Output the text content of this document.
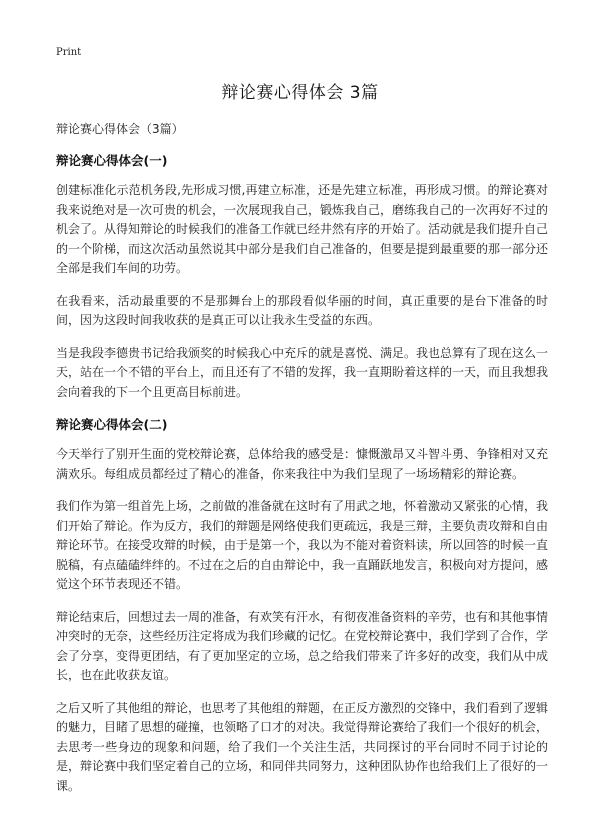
Print
辩论赛心得体会 3篇

辩论赛心得体会（3篇）

辩论赛心得体会(一)

创建标准化示范机务段,先形成习惯,再建立标准，还是先建立标准，再形成习惯。的辩论赛对我来说绝对是一次可贵的机会，一次展现我自己，锻炼我自己，磨练我自己的一次再好不过的机会了。从得知辩论的时候我们的准备工作就已经井然有序的开始了。活动就是我们提升自己的一个阶梯，而这次活动虽然说其中部分是我们自己准备的，但要是提到最重要的那一部分还全部是我们车间的功劳。

在我看来，活动最重要的不是那舞台上的那段看似华丽的时间，真正重要的是台下准备的时间，因为这段时间我收获的是真正可以让我永生受益的东西。

当是我段李德贵书记给我颁奖的时候我心中充斥的就是喜悦、满足。我也总算有了现在这么一天，站在一个不错的平台上，而且还有了不错的发挥，我一直期盼着这样的一天，而且我想我会向着我的下一个且更高目标前进。

辩论赛心得体会(二)

今天举行了别开生面的党校辩论赛，总体给我的感受是：慷慨激昂又斗智斗勇、争锋相对又充满欢乐。每组成员都经过了精心的准备，你来我往中为我们呈现了一场场精彩的辩论赛。

我们作为第一组首先上场，之前做的准备就在这时有了用武之地，怀着激动又紧张的心情，我们开始了辩论。作为反方，我们的辩题是网络使我们更疏远，我是三辩，主要负责攻辩和自由辩论环节。在接受攻辩的时候，由于是第一个，我以为不能对着资料读，所以回答的时候一直脱稿，有点磕磕绊绊的。不过在之后的自由辩论中，我一直踊跃地发言，积极向对方提问，感觉这个环节表现还不错。

辩论结束后，回想过去一周的准备，有欢笑有汗水，有彻夜准备资料的辛劳，也有和其他事情冲突时的无奈，这些经历注定将成为我们珍藏的记忆。在党校辩论赛中，我们学到了合作，学会了分享，变得更团结，有了更加坚定的立场，总之给我们带来了许多好的改变，我们从中成长，也在此收获友谊。

之后又听了其他组的辩论，也思考了其他组的辩题，在正反方激烈的交锋中，我们看到了逻辑的魅力，目睹了思想的碰撞，也领略了口才的对决。我觉得辩论赛给了我们一个很好的机会，去思考一些身边的现象和问题，给了我们一个关注生活，共同探讨的平台同时不同于讨论的是，辩论赛中我们坚定着自己的立场，和同伴共同努力，这种团队协作也给我们上了很好的一课。
